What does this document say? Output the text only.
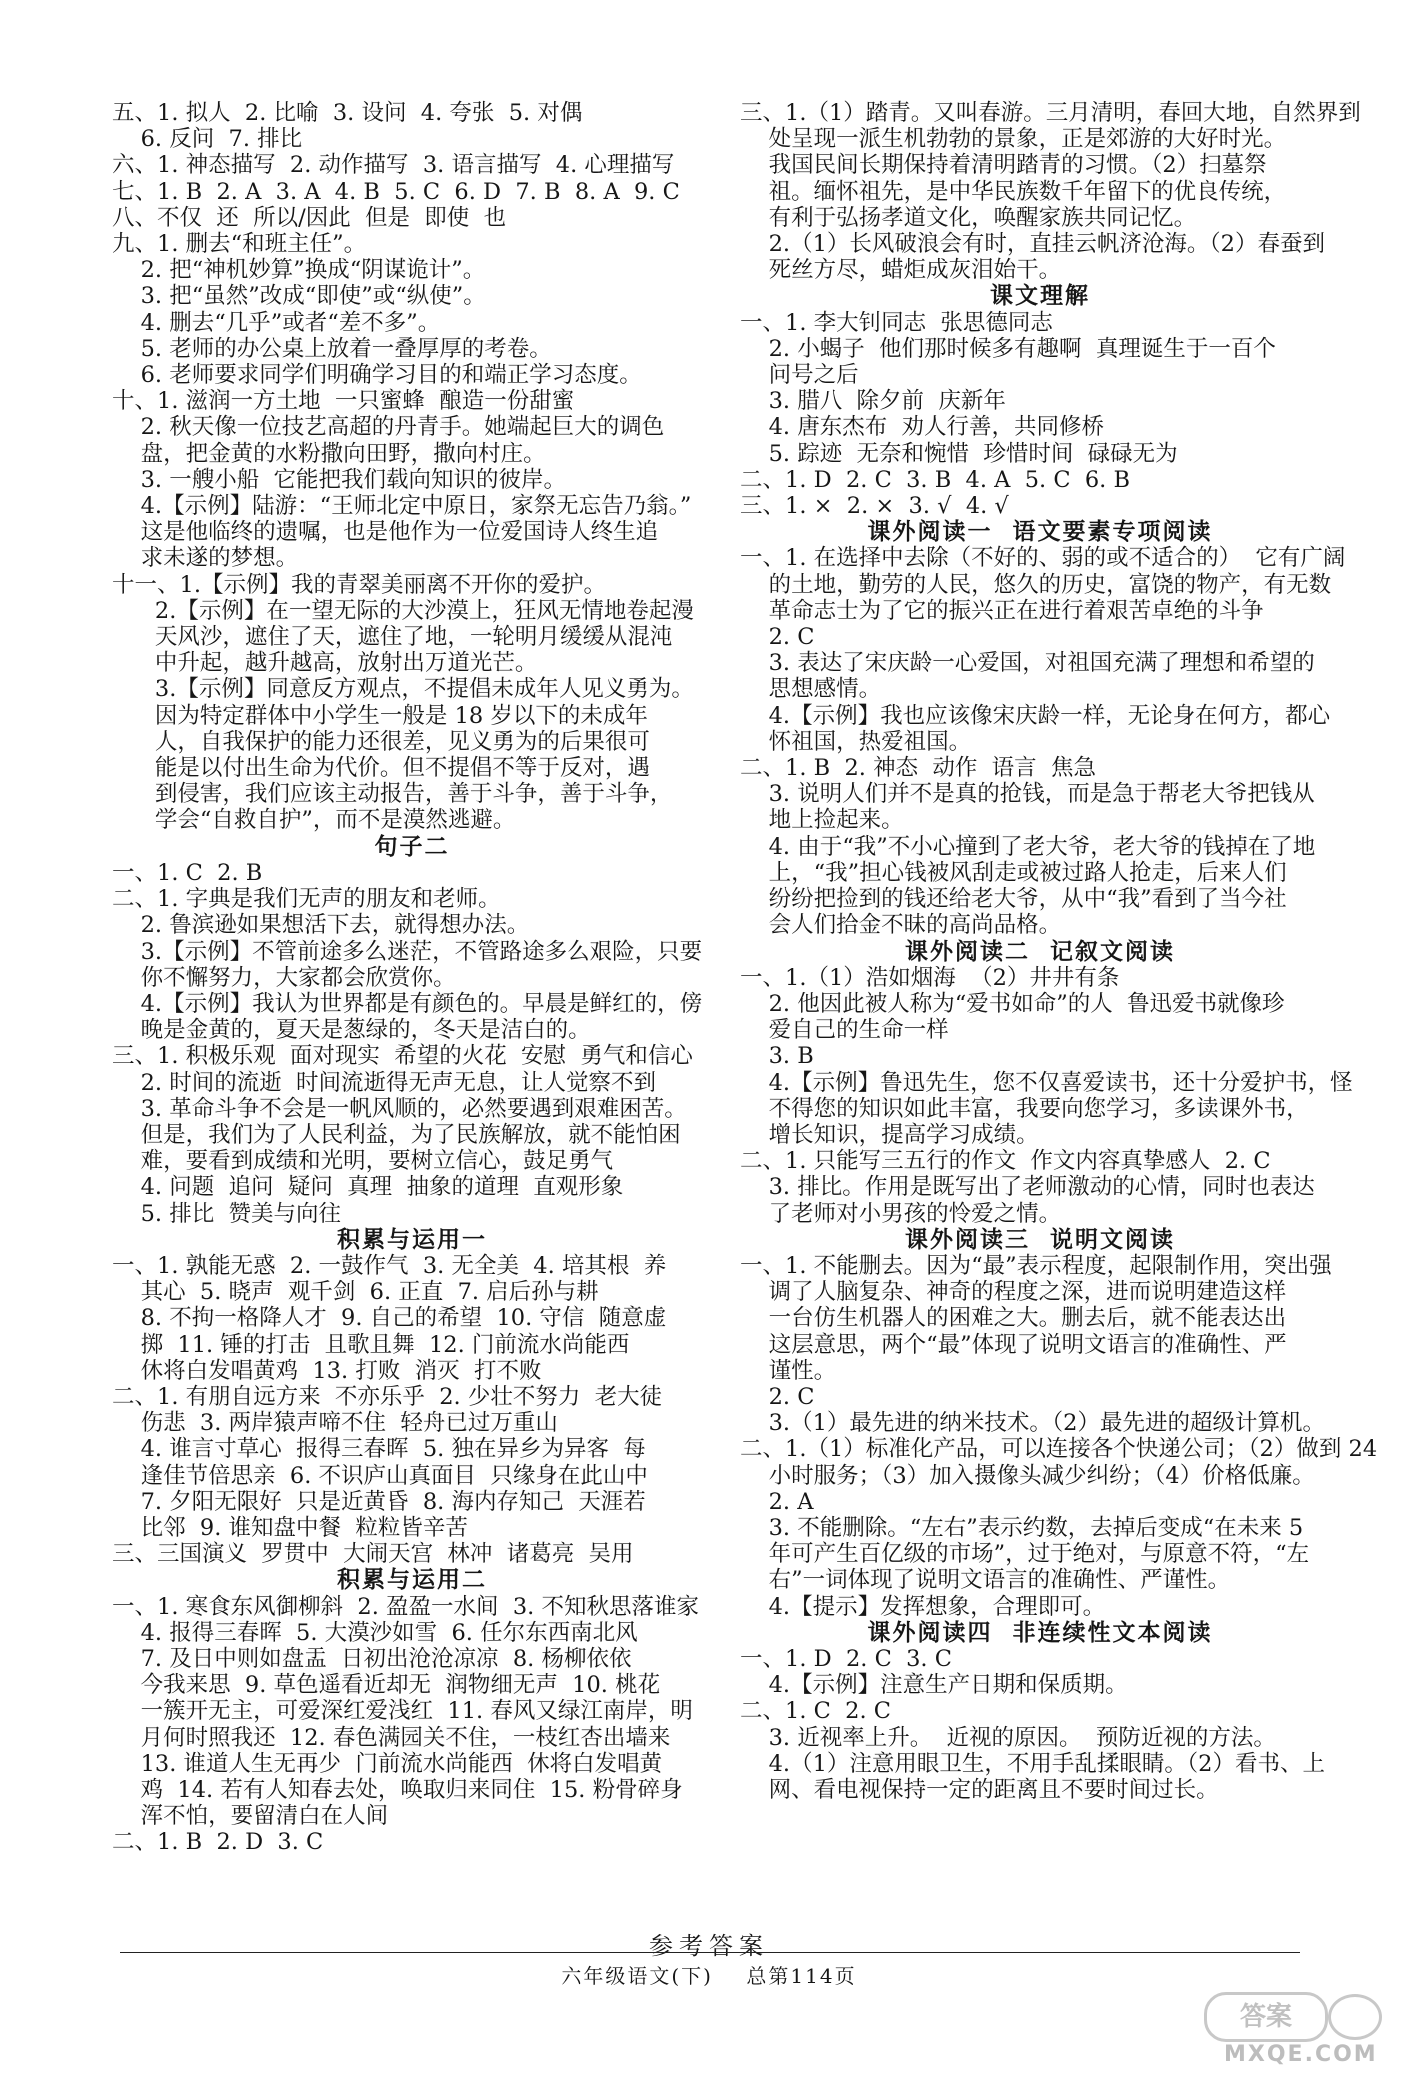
五、1. 拟人  2. 比喻  3. 设问  4. 夸张  5. 对偶
6. 反问  7. 排比
六、1. 神态描写  2. 动作描写  3. 语言描写  4. 心理描写
七、1. B  2. A  3. A  4. B  5. C  6. D  7. B  8. A  9. C
八、不仅  还  所以/因此  但是  即使  也
九、1. 删去“和班主任”。
2. 把“神机妙算”换成“阴谋诡计”。
3. 把“虽然”改成“即使”或“纵使”。
4. 删去“几乎”或者“差不多”。
5. 老师的办公桌上放着一叠厚厚的考卷。
6. 老师要求同学们明确学习目的和端正学习态度。
十、1. 滋润一方土地  一只蜜蜂  酿造一份甜蜜
2. 秋天像一位技艺高超的丹青手。她端起巨大的调色
盘，把金黄的水粉撒向田野，撒向村庄。
3. 一艘小船  它能把我们载向知识的彼岸。
4.【示例】陆游：“王师北定中原日，家祭无忘告乃翁。”
这是他临终的遗嘱，也是他作为一位爱国诗人终生追
求未遂的梦想。
十一、1.【示例】我的青翠美丽离不开你的爱护。
2.【示例】在一望无际的大沙漠上，狂风无情地卷起漫
天风沙，遮住了天，遮住了地，一轮明月缓缓从混沌
中升起，越升越高，放射出万道光芒。
3.【示例】同意反方观点，不提倡未成年人见义勇为。
因为特定群体中小学生一般是 18 岁以下的未成年
人，自我保护的能力还很差，见义勇为的后果很可
能是以付出生命为代价。但不提倡不等于反对，遇
到侵害，我们应该主动报告，善于斗争，善于斗争，
学会“自救自护”，而不是漠然逃避。
句子二
一、1. C  2. B
二、1. 字典是我们无声的朋友和老师。
2. 鲁滨逊如果想活下去，就得想办法。
3.【示例】不管前途多么迷茫，不管路途多么艰险，只要
你不懈努力，大家都会欣赏你。
4.【示例】我认为世界都是有颜色的。早晨是鲜红的，傍
晚是金黄的，夏天是葱绿的，冬天是洁白的。
三、1. 积极乐观  面对现实  希望的火花  安慰  勇气和信心
2. 时间的流逝  时间流逝得无声无息，让人觉察不到
3. 革命斗争不会是一帆风顺的，必然要遇到艰难困苦。
但是，我们为了人民利益，为了民族解放，就不能怕困
难，要看到成绩和光明，要树立信心，鼓足勇气
4. 问题  追问  疑问  真理  抽象的道理  直观形象
5. 排比  赞美与向往
积累与运用一
一、1. 孰能无惑  2. 一鼓作气  3. 无全美  4. 培其根  养
其心  5. 晓声  观千剑  6. 正直  7. 启后孙与耕
8. 不拘一格降人才  9. 自己的希望  10. 守信  随意虚
掷  11. 锤的打击  且歌且舞  12. 门前流水尚能西
休将白发唱黄鸡  13. 打败  消灭  打不败
二、1. 有朋自远方来  不亦乐乎  2. 少壮不努力  老大徒
伤悲  3. 两岸猿声啼不住  轻舟已过万重山
4. 谁言寸草心  报得三春晖  5. 独在异乡为异客  每
逢佳节倍思亲  6. 不识庐山真面目  只缘身在此山中
7. 夕阳无限好  只是近黄昏  8. 海内存知己  天涯若
比邻  9. 谁知盘中餐  粒粒皆辛苦
三、三国演义  罗贯中  大闹天宫  林冲  诸葛亮  吴用
积累与运用二
一、1. 寒食东风御柳斜  2. 盈盈一水间  3. 不知秋思落谁家
4. 报得三春晖  5. 大漠沙如雪  6. 任尔东西南北风
7. 及日中则如盘盂  日初出沧沧凉凉  8. 杨柳依依
今我来思  9. 草色遥看近却无  润物细无声  10. 桃花
一簇开无主，可爱深红爱浅红  11. 春风又绿江南岸，明
月何时照我还  12. 春色满园关不住，一枝红杏出墙来
13. 谁道人生无再少  门前流水尚能西  休将白发唱黄
鸡  14. 若有人知春去处，唤取归来同住  15. 粉骨碎身
浑不怕，要留清白在人间
二、1. B  2. D  3. C
三、1.（1）踏青。又叫春游。三月清明，春回大地，自然界到
处呈现一派生机勃勃的景象，正是郊游的大好时光。
我国民间长期保持着清明踏青的习惯。（2）扫墓祭
祖。缅怀祖先，是中华民族数千年留下的优良传统，
有利于弘扬孝道文化，唤醒家族共同记忆。
2.（1）长风破浪会有时，直挂云帆济沧海。（2）春蚕到
死丝方尽，蜡炬成灰泪始干。
课文理解
一、1. 李大钊同志  张思德同志
2. 小蝎子  他们那时候多有趣啊  真理诞生于一百个
问号之后
3. 腊八  除夕前  庆新年
4. 唐东杰布  劝人行善，共同修桥
5. 踪迹  无奈和惋惜  珍惜时间  碌碌无为
二、1. D  2. C  3. B  4. A  5. C  6. B
三、1. ×  2. ×  3. √  4. √
课外阅读一  语文要素专项阅读
一、1. 在选择中去除（不好的、弱的或不适合的）  它有广阔
的土地，勤劳的人民，悠久的历史，富饶的物产，有无数
革命志士为了它的振兴正在进行着艰苦卓绝的斗争
2. C
3. 表达了宋庆龄一心爱国，对祖国充满了理想和希望的
思想感情。
4.【示例】我也应该像宋庆龄一样，无论身在何方，都心
怀祖国，热爱祖国。
二、1. B  2. 神态  动作  语言  焦急
3. 说明人们并不是真的抢钱，而是急于帮老大爷把钱从
地上捡起来。
4. 由于“我”不小心撞到了老大爷，老大爷的钱掉在了地
上，“我”担心钱被风刮走或被过路人抢走，后来人们
纷纷把捡到的钱还给老大爷，从中“我”看到了当今社
会人们拾金不昧的高尚品格。
课外阅读二  记叙文阅读
一、1.（1）浩如烟海  （2）井井有条
2. 他因此被人称为“爱书如命”的人  鲁迅爱书就像珍
爱自己的生命一样
3. B
4.【示例】鲁迅先生，您不仅喜爱读书，还十分爱护书，怪
不得您的知识如此丰富，我要向您学习，多读课外书，
增长知识，提高学习成绩。
二、1. 只能写三五行的作文  作文内容真挚感人  2. C
3. 排比。作用是既写出了老师激动的心情，同时也表达
了老师对小男孩的怜爱之情。
课外阅读三  说明文阅读
一、1. 不能删去。因为“最”表示程度，起限制作用，突出强
调了人脑复杂、神奇的程度之深，进而说明建造这样
一台仿生机器人的困难之大。删去后，就不能表达出
这层意思，两个“最”体现了说明文语言的准确性、严
谨性。
2. C
3.（1）最先进的纳米技术。（2）最先进的超级计算机。
二、1.（1）标准化产品，可以连接各个快递公司；（2）做到 24
小时服务；（3）加入摄像头减少纠纷；（4）价格低廉。
2. A
3. 不能删除。“左右”表示约数，去掉后变成“在未来 5
年可产生百亿级的市场”，过于绝对，与原意不符，“左
右”一词体现了说明文语言的准确性、严谨性。
4.【提示】发挥想象，合理即可。
课外阅读四  非连续性文本阅读
一、1. D  2. C  3. C
4.【示例】注意生产日期和保质期。
二、1. C  2. C
3. 近视率上升。  近视的原因。  预防近视的方法。
4.（1）注意用眼卫生，不用手乱揉眼睛。（2）看书、上
网、看电视保持一定的距离且不要时间过长。
参考答案
六年级语文(下) 总第114页
答案
MXQE.COM
